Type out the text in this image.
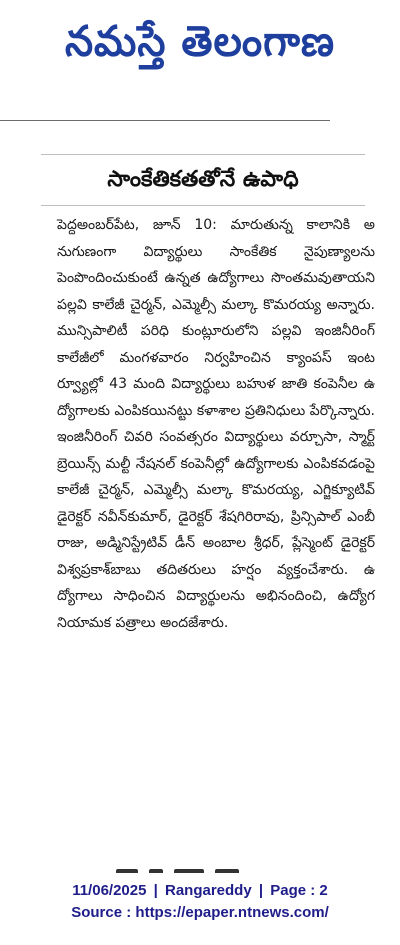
నమస్తే తెలంగాణ
సాంకేతికతతోనే ఉపాధి

పెద్దఅంబర్‌పేట, జూన్ 10: మారుతున్న కాలానికి అనుగుణంగా విద్యార్థులు సాంకేతిక నైపుణ్యాలను పెంపొందించుకుంటే ఉన్నత ఉద్యోగాలు సొంతమవుతాయని పల్లవి కాలేజీ చైర్మన్, ఎమ్మెల్సీ మల్కా కొమరయ్య అన్నారు. మున్సిపాలిటీ పరిధి కుంట్లూరులోని పల్లవి ఇంజినీరింగ్ కాలేజీలో మంగళవారం నిర్వహించిన క్యాంపస్ ఇంటర్వ్యూల్లో 43 మంది విద్యార్థులు బహుళ జాతి కంపెనీల ఉద్యోగాలకు ఎంపికయినట్టు కళాశాల ప్రతినిధులు పేర్కొన్నారు. ఇంజినీరింగ్ చివరి సంవత్సరం విద్యార్థులు వర్చూసా, స్మార్ట్ బ్రెయిన్స్ మల్టీ నేషనల్ కంపెనీల్లో ఉద్యోగాలకు ఎంపికవడంపై కాలేజీ చైర్మన్, ఎమ్మెల్సీ మల్కా కొమరయ్య, ఎగ్జిక్యూటివ్ డైరెక్టర్ నవీన్‌కుమార్, డైరెక్టర్ శేషగిరిరావు, ప్రిన్సిపాల్ ఎంబీ రాజు, అడ్మినిస్ట్రేటివ్ డీన్ అంబాల శ్రీధర్, ప్లేస్మెంట్ డైరెక్టర్ విశ్వప్రకాశ్‌బాబు తదితరులు హర్షం వ్యక్తంచేశారు. ఉద్యోగాలు సాధించిన విద్యార్థులను అభినందించి, ఉద్యోగ నియామక పత్రాలు అందజేశారు.

11/06/2025 | Rangareddy | Page : 2
Source : https://epaper.ntnews.com/
